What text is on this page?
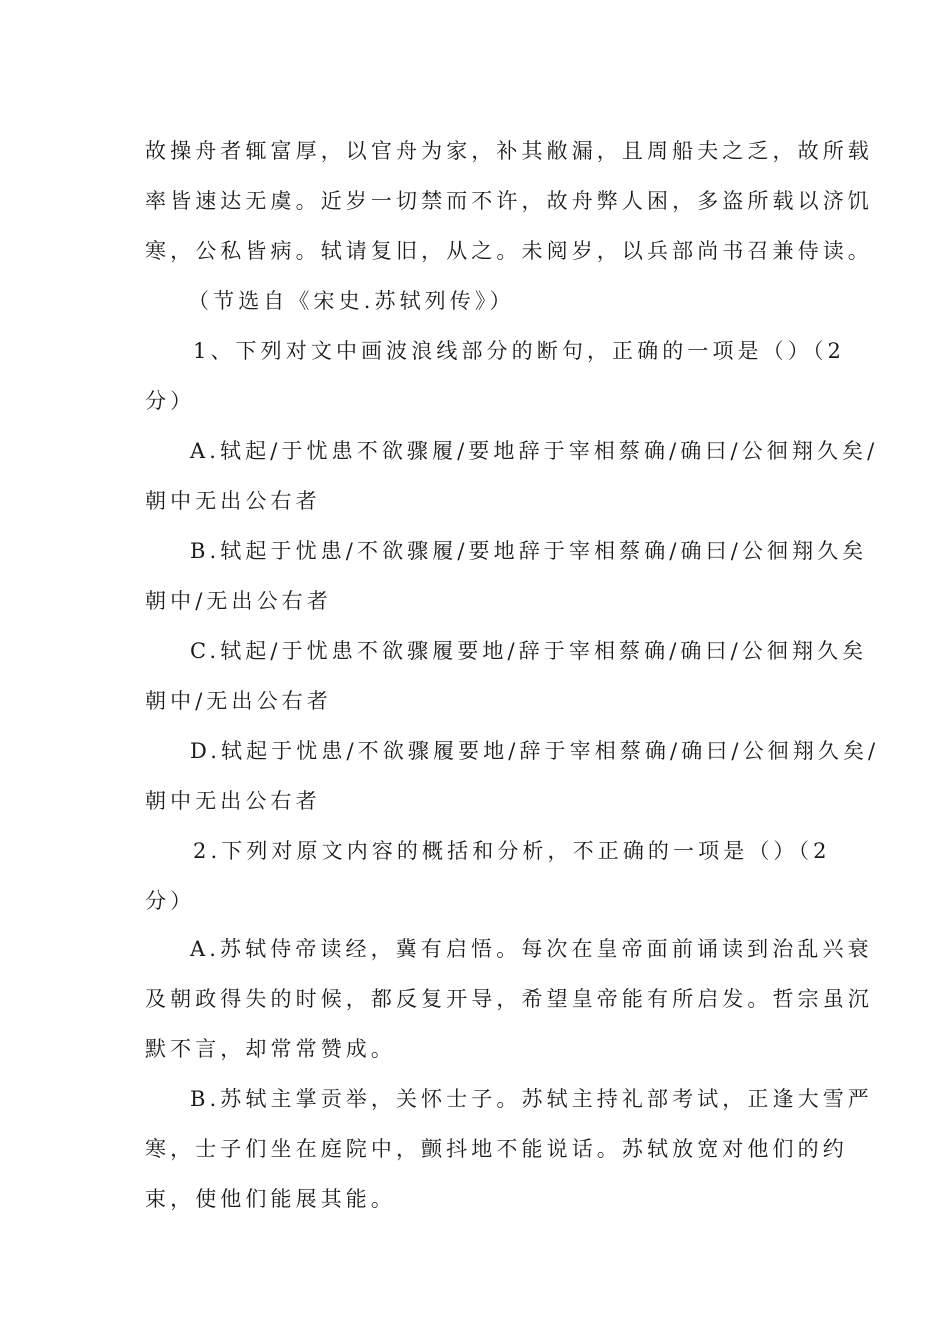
故操舟者辄富厚，以官舟为家，补其敝漏，且周船夫之乏，故所载

率皆速达无虞。近岁一切禁而不许，故舟弊人困，多盗所载以济饥

寒，公私皆病。轼请复旧，从之。未阅岁，以兵部尚书召兼侍读。

（节选自《宋史.苏轼列传》）

1、下列对文中画波浪线部分的断句，正确的一项是（）（2

分）

A.轼起/于忧患不欲骤履/要地辞于宰相蔡确/确曰/公徊翔久矣/

朝中无出公右者

B.轼起于忧患/不欲骤履/要地辞于宰相蔡确/确曰/公徊翔久矣

朝中/无出公右者

C.轼起/于忧患不欲骤履要地/辞于宰相蔡确/确曰/公徊翔久矣

朝中/无出公右者

D.轼起于忧患/不欲骤履要地/辞于宰相蔡确/确曰/公徊翔久矣/

朝中无出公右者

2.下列对原文内容的概括和分析，不正确的一项是（）（2

分）

A.苏轼侍帝读经，冀有启悟。每次在皇帝面前诵读到治乱兴衰

及朝政得失的时候，都反复开导，希望皇帝能有所启发。哲宗虽沉

默不言，却常常赞成。

B.苏轼主掌贡举，关怀士子。苏轼主持礼部考试，正逢大雪严

寒，士子们坐在庭院中，颤抖地不能说话。苏轼放宽对他们的约

束，使他们能展其能。
